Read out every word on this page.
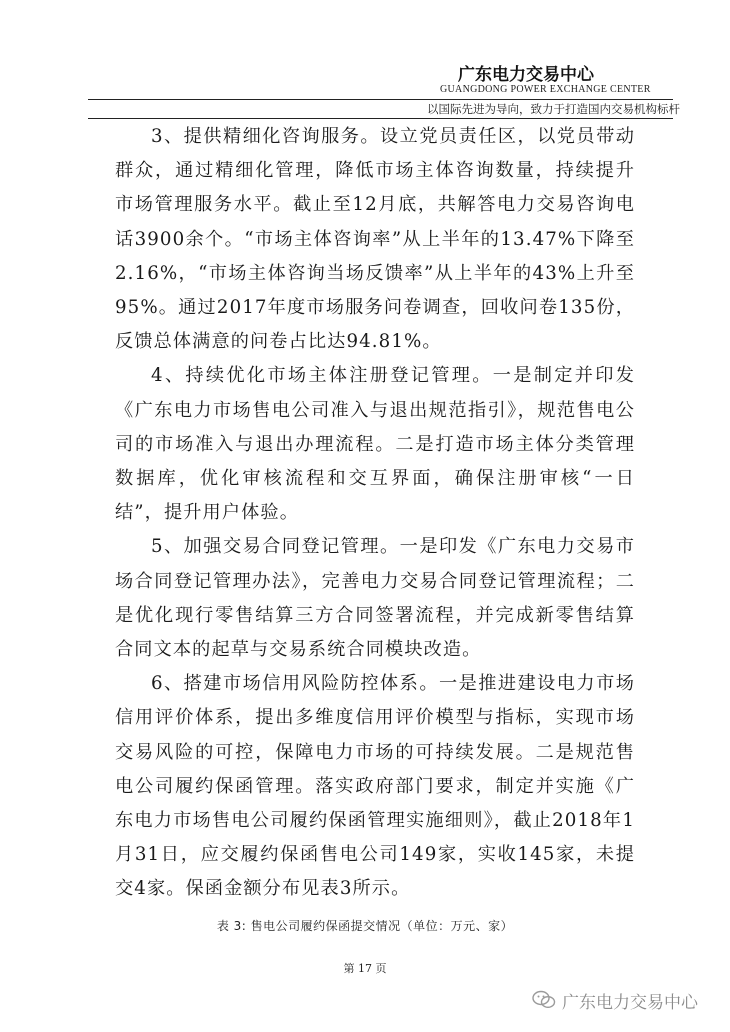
广东电力交易中心
GUANGDONG POWER EXCHANGE CENTER
以国际先进为导向，致力于打造国内交易机构标杆

3、提供精细化咨询服务。设立党员责任区，以党员带动群众，通过精细化管理，降低市场主体咨询数量，持续提升市场管理服务水平。截止至12月底，共解答电力交易咨询电话3900余个。“市场主体咨询率”从上半年的13.47%下降至2.16%，“市场主体咨询当场反馈率”从上半年的43%上升至95%。通过2017年度市场服务问卷调查，回收问卷135份，反馈总体满意的问卷占比达94.81%。

4、持续优化市场主体注册登记管理。一是制定并印发《广东电力市场售电公司准入与退出规范指引》，规范售电公司的市场准入与退出办理流程。二是打造市场主体分类管理数据库，优化审核流程和交互界面，确保注册审核“一日结”，提升用户体验。

5、加强交易合同登记管理。一是印发《广东电力交易市场合同登记管理办法》，完善电力交易合同登记管理流程；二是优化现行零售结算三方合同签署流程，并完成新零售结算合同文本的起草与交易系统合同模块改造。

6、搭建市场信用风险防控体系。一是推进建设电力市场信用评价体系，提出多维度信用评价模型与指标，实现市场交易风险的可控，保障电力市场的可持续发展。二是规范售电公司履约保函管理。落实政府部门要求，制定并实施《广东电力市场售电公司履约保函管理实施细则》，截止2018年1月31日，应交履约保函售电公司149家，实收145家，未提交4家。保函金额分布见表3所示。

表 3: 售电公司履约保函提交情况（单位：万元、家）
第 17 页
广东电力交易中心
